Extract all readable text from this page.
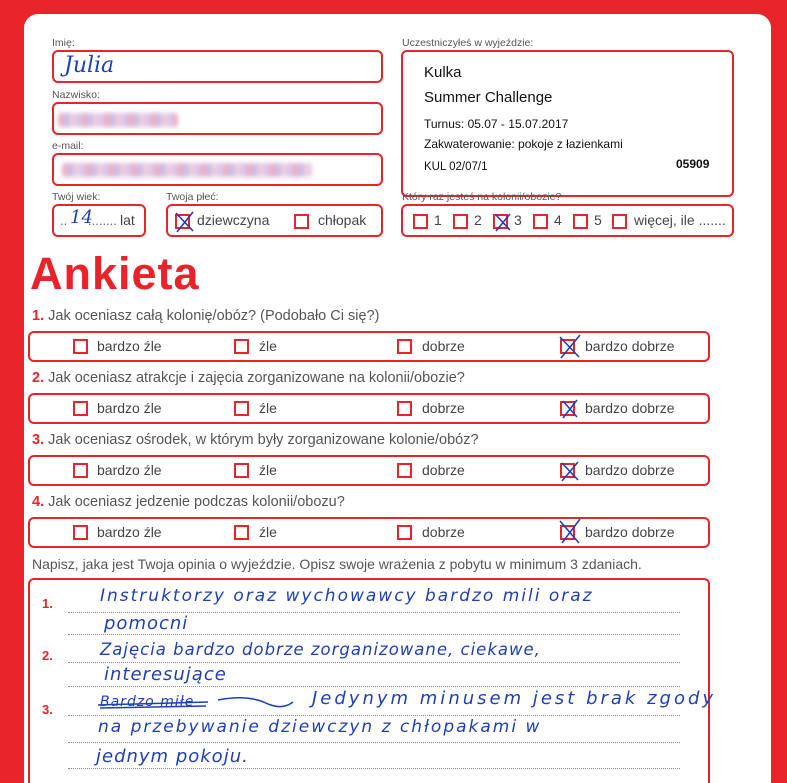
Imię:
Julia
Nazwisko:
e-mail:
Twój wiek:
.. 14
........ lat
Twoja płeć:
dziewczyna	chłopak
Uczestniczyłeś w wyjeździe:
Kulka
Summer Challenge
Turnus: 05.07 - 15.07.2017
Zakwaterowanie: pokoje z łazienkami
KUL 02/07/1	05909
Który raz jesteś na kolonii/obozie?
1 2 3 4 5 więcej, ile .......
Ankieta
1. Jak oceniasz całą kolonię/obóz? (Podobało Ci się?)
bardzo źle	źle	dobrze	bardzo dobrze
2. Jak oceniasz atrakcje i zajęcia zorganizowane na kolonii/obozie?
bardzo źle	źle	dobrze	bardzo dobrze
3. Jak oceniasz ośrodek, w którym były zorganizowane kolonie/obóz?
bardzo źle	źle	dobrze	bardzo dobrze
4. Jak oceniasz jedzenie podczas kolonii/obozu?
bardzo źle	źle	dobrze	bardzo dobrze
Napisz, jaka jest Twoja opinia o wyjeździe. Opisz swoje wrażenia z pobytu w minimum 3 zdaniach.
1.
2.
3.
Instruktorzy oraz wychowawcy bardzo mili oraz
pomocni
Zajęcia bardzo dobrze zorganizowane, ciekawe,
interesujące
Bardzo miłe	Jedynym minusem jest brak zgody
na przebywanie dziewczyn z chłopakami w
jednym pokoju.
